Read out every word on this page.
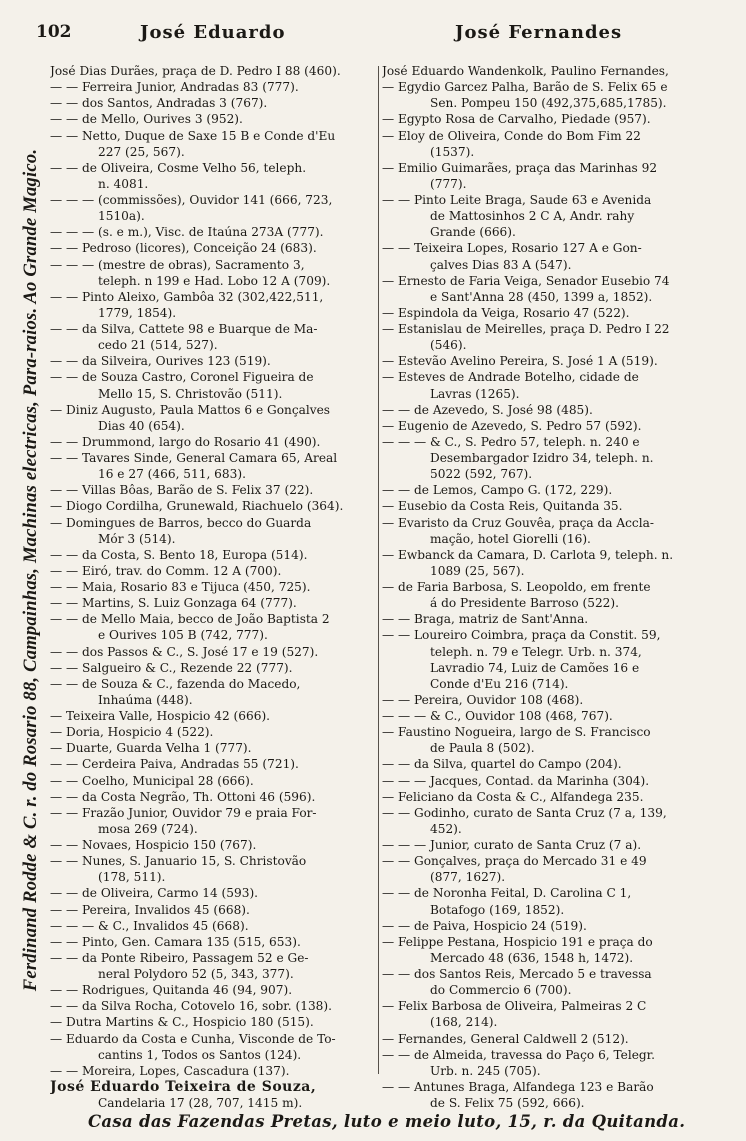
102	José Eduardo	José Fernandes
Ferdinand Rodde & C. r. do Rosario 88, Campainhas, Machinas electricas, Para-raios. Ao Grande Magico.
José Dias Durães, praça de D. Pedro I 88 (460).
— — Ferreira Junior, Andradas 83 (777).
— — dos Santos, Andradas 3 (767).
— — de Mello, Ourives 3 (952).
— — Netto, Duque de Saxe 15 B e Conde d'Eu
227 (25, 567).
— — de Oliveira, Cosme Velho 56, teleph.
n. 4081.
— — — (commissões), Ouvidor 141 (666, 723,
1510a).
— — — (s. e m.), Visc. de Itaúna 273A (777).
— — Pedroso (licores), Conceição 24 (683).
— — — (mestre de obras), Sacramento 3,
teleph. n 199 e Had. Lobo 12 A (709).
— — Pinto Aleixo, Gambôa 32 (302,422,511,
1779, 1854).
— — da Silva, Cattete 98 e Buarque de Ma-
cedo 21 (514, 527).
— — da Silveira, Ourives 123 (519).
— — de Souza Castro, Coronel Figueira de
Mello 15, S. Christovão (511).
— Diniz Augusto, Paula Mattos 6 e Gonçalves
Dias 40 (654).
— — Drummond, largo do Rosario 41 (490).
— — Tavares Sinde, General Camara 65, Areal
16 e 27 (466, 511, 683).
— — Villas Bôas, Barão de S. Felix 37 (22).
— Diogo Cordilha, Grunewald, Riachuelo (364).
— Domingues de Barros, becco do Guarda
Mór 3 (514).
— — da Costa, S. Bento 18, Europa (514).
— — Eiró, trav. do Comm. 12 A (700).
— — Maia, Rosario 83 e Tijuca (450, 725).
— — Martins, S. Luiz Gonzaga 64 (777).
— — de Mello Maia, becco de João Baptista 2
e Ourives 105 B (742, 777).
— — dos Passos & C., S. José 17 e 19 (527).
— — Salgueiro & C., Rezende 22 (777).
— — de Souza & C., fazenda do Macedo,
Inhaúma (448).
— Teixeira Valle, Hospicio 42 (666).
— Doria, Hospicio 4 (522).
— Duarte, Guarda Velha 1 (777).
— — Cerdeira Paiva, Andradas 55 (721).
— — Coelho, Municipal 28 (666).
— — da Costa Negrão, Th. Ottoni 46 (596).
— — Frazão Junior, Ouvidor 79 e praia For-
mosa 269 (724).
— — Novaes, Hospicio 150 (767).
— — Nunes, S. Januario 15, S. Christovão
(178, 511).
— — de Oliveira, Carmo 14 (593).
— — Pereira, Invalidos 45 (668).
— — — & C., Invalidos 45 (668).
— — Pinto, Gen. Camara 135 (515, 653).
— — da Ponte Ribeiro, Passagem 52 e Ge-
neral Polydoro 52 (5, 343, 377).
— — Rodrigues, Quitanda 46 (94, 907).
— — da Silva Rocha, Cotovelo 16, sobr. (138).
— Dutra Martins & C., Hospicio 180 (515).
— Eduardo da Costa e Cunha, Visconde de To-
cantins 1, Todos os Santos (124).
— — Moreira, Lopes, Cascadura (137).
José Eduardo Teixeira de Souza,
Candelaria 17 (28, 707, 1415 m).
José Eduardo Wandenkolk, Paulino Fernandes,
— Egydio Garcez Palha, Barão de S. Felix 65 e
Sen. Pompeu 150 (492,375,685,1785).
— Egypto Rosa de Carvalho, Piedade (957).
— Eloy de Oliveira, Conde do Bom Fim 22
(1537).
— Emilio Guimarães, praça das Marinhas 92
(777).
— — Pinto Leite Braga, Saude 63 e Avenida
de Mattosinhos 2 C A, Andr. rahy
Grande (666).
— — Teixeira Lopes, Rosario 127 A e Gon-
çalves Dias 83 A (547).
— Ernesto de Faria Veiga, Senador Eusebio 74
e Sant'Anna 28 (450, 1399 a, 1852).
— Espindola da Veiga, Rosario 47 (522).
— Estanislau de Meirelles, praça D. Pedro I 22
(546).
— Estevão Avelino Pereira, S. José 1 A (519).
— Esteves de Andrade Botelho, cidade de
Lavras (1265).
— — de Azevedo, S. José 98 (485).
— Eugenio de Azevedo, S. Pedro 57 (592).
— — — & C., S. Pedro 57, teleph. n. 240 e
Desembargador Izidro 34, teleph. n.
5022 (592, 767).
— — de Lemos, Campo G. (172, 229).
— Eusebio da Costa Reis, Quitanda 35.
— Evaristo da Cruz Gouvêa, praça da Accla-
mação, hotel Giorelli (16).
— Ewbanck da Camara, D. Carlota 9, teleph. n.
1089 (25, 567).
— de Faria Barbosa, S. Leopoldo, em frente
á do Presidente Barroso (522).
— — Braga, matriz de Sant'Anna.
— — Loureiro Coimbra, praça da Constit. 59,
teleph. n. 79 e Telegr. Urb. n. 374,
Lavradio 74, Luiz de Camões 16 e
Conde d'Eu 216 (714).
— — Pereira, Ouvidor 108 (468).
— — — & C., Ouvidor 108 (468, 767).
— Faustino Nogueira, largo de S. Francisco
de Paula 8 (502).
— — da Silva, quartel do Campo (204).
— — — Jacques, Contad. da Marinha (304).
— Feliciano da Costa & C., Alfandega 235.
— — Godinho, curato de Santa Cruz (7 a, 139,
452).
— — — Junior, curato de Santa Cruz (7 a).
— — Gonçalves, praça do Mercado 31 e 49
(877, 1627).
— — de Noronha Feital, D. Carolina C 1,
Botafogo (169, 1852).
— — de Paiva, Hospicio 24 (519).
— Felippe Pestana, Hospicio 191 e praça do
Mercado 48 (636, 1548 h, 1472).
— — dos Santos Reis, Mercado 5 e travessa
do Commercio 6 (700).
— Felix Barbosa de Oliveira, Palmeiras 2 C
(168, 214).
— Fernandes, General Caldwell 2 (512).
— — de Almeida, travessa do Paço 6, Telegr.
Urb. n. 245 (705).
— — Antunes Braga, Alfandega 123 e Barão
de S. Felix 75 (592, 666).
Casa das Fazendas Pretas, luto e meio luto, 15, r. da Quitanda.
